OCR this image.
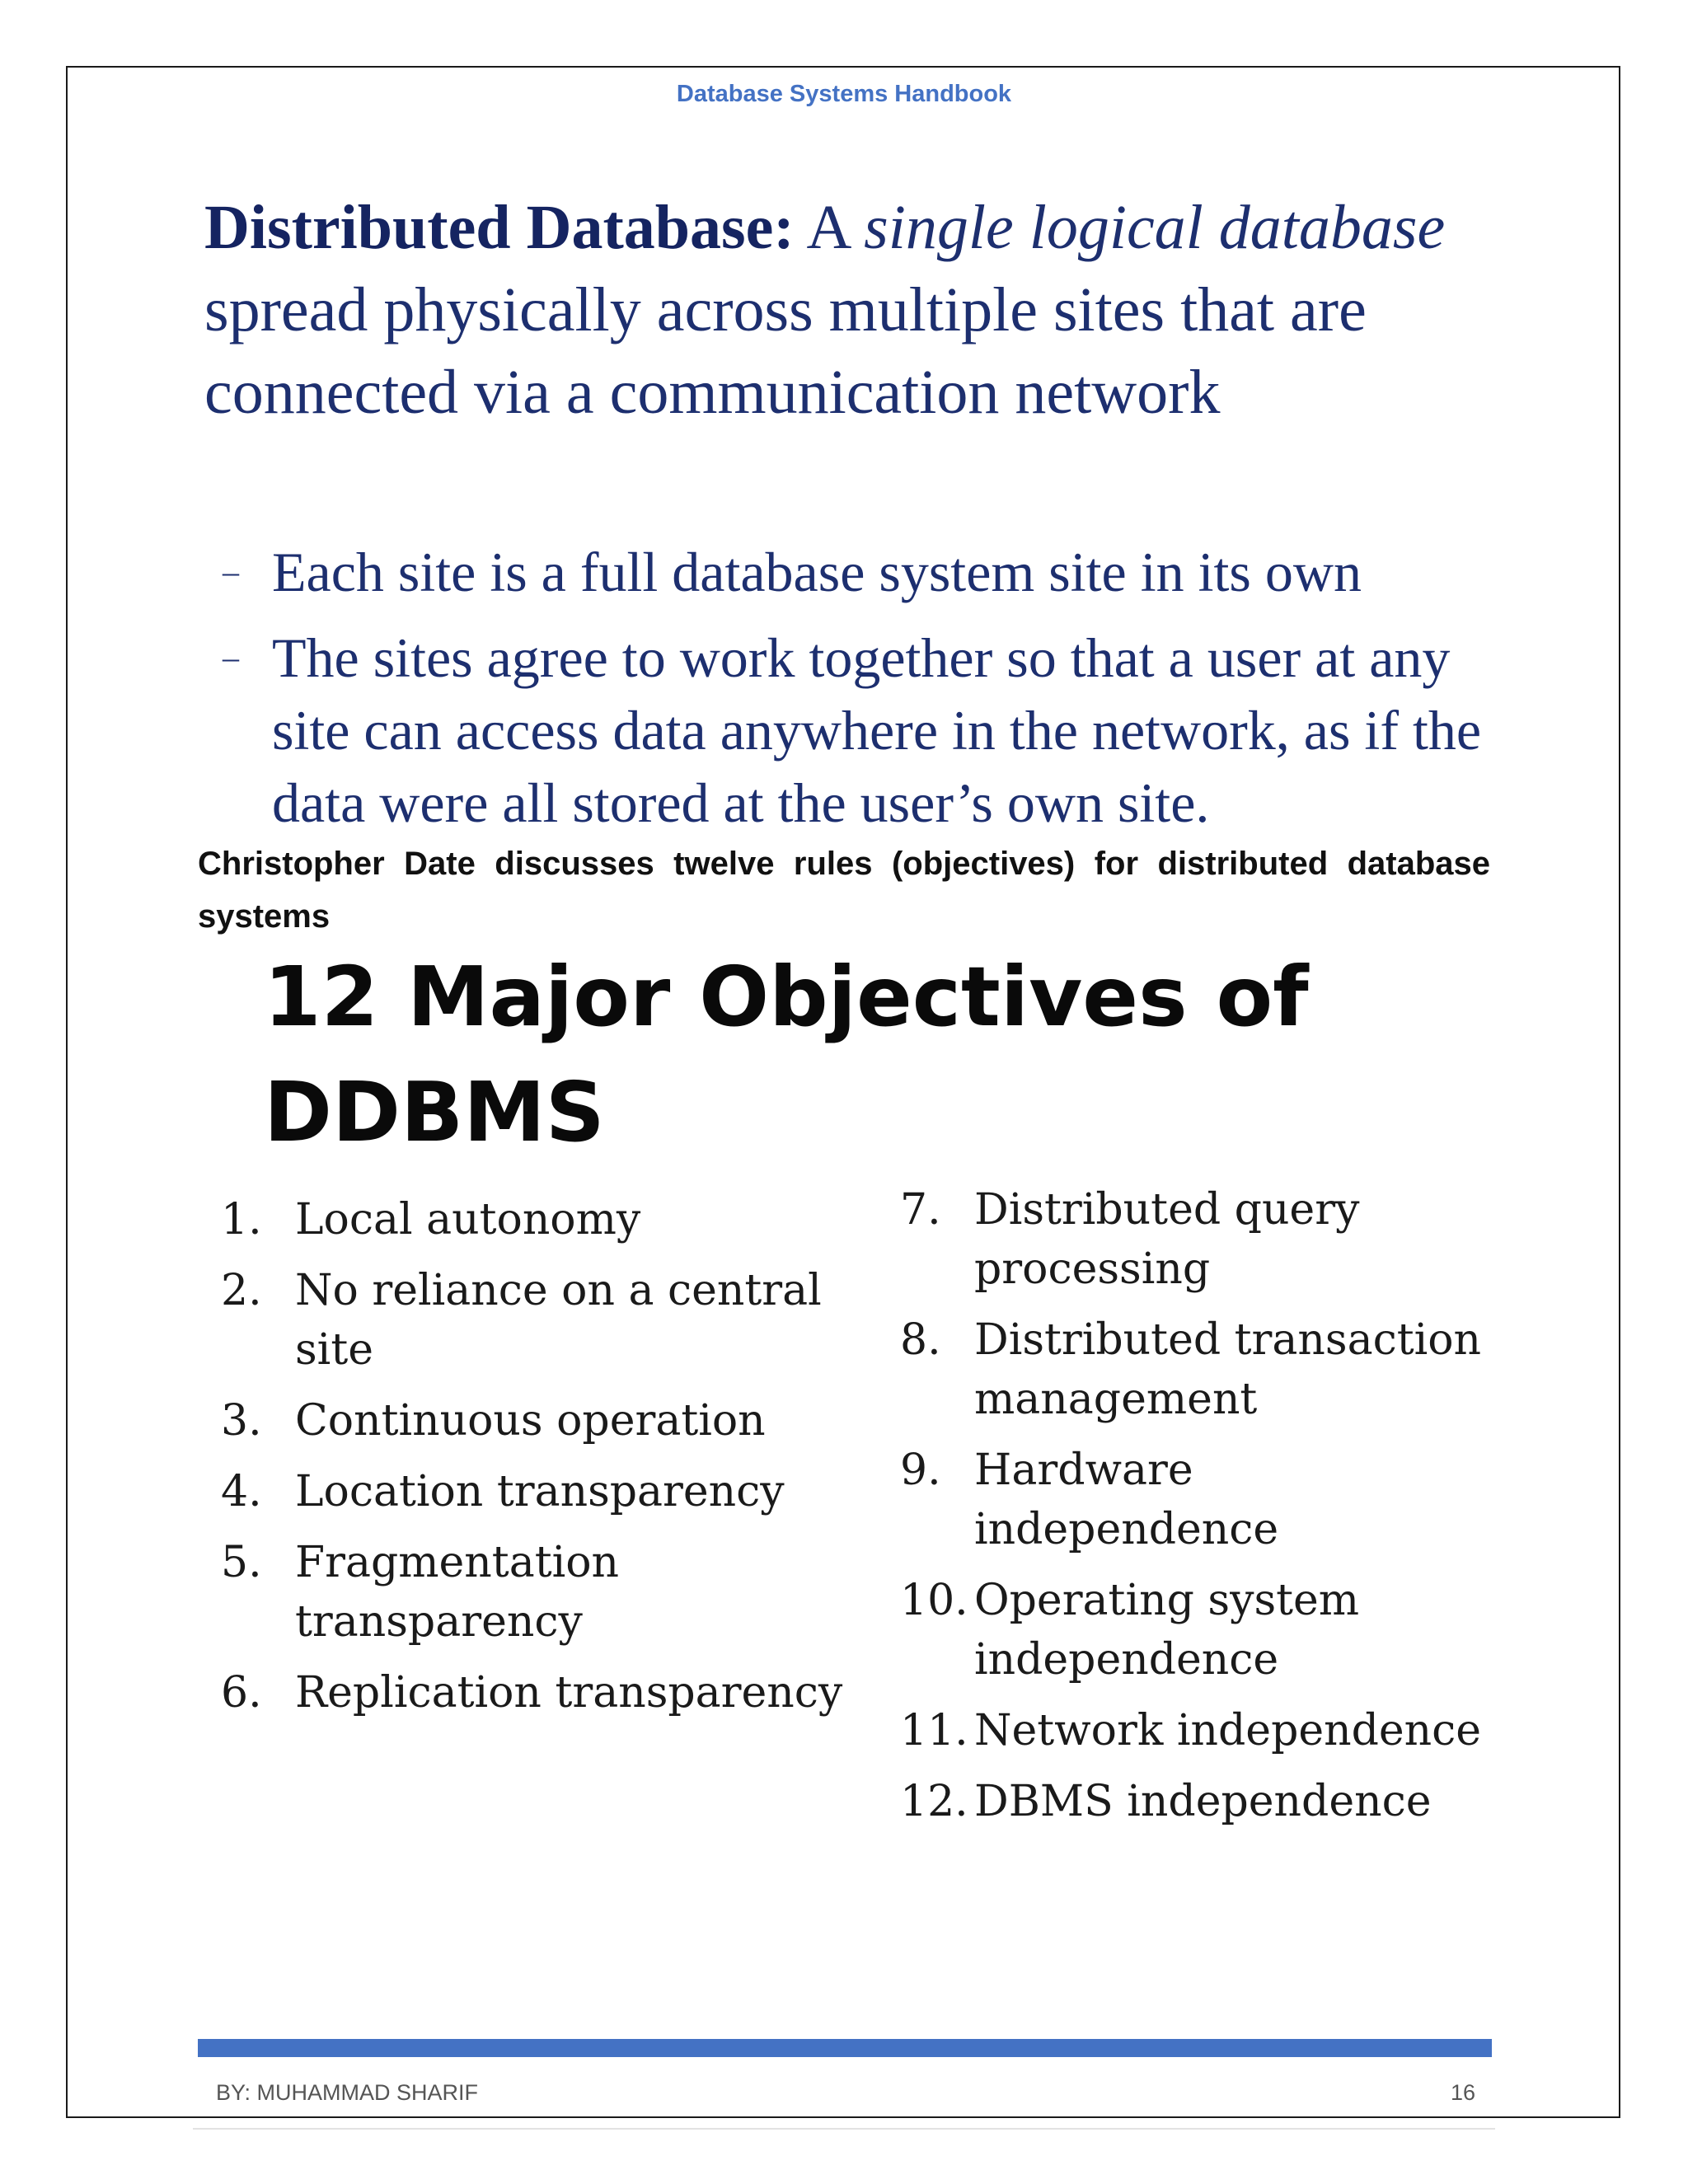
Database Systems Handbook

Distributed Database: A single logical database spread physically across multiple sites that are connected via a communication network

– Each site is a full database system site in its own
– The sites agree to work together so that a user at any site can access data anywhere in the network, as if the data were all stored at the user’s own site.

Christopher Date discusses twelve rules (objectives) for distributed database systems

12 Major Objectives of DDBMS
1. Local autonomy
2. No reliance on a central site
3. Continuous operation
4. Location transparency
5. Fragmentation transparency
6. Replication transparency
7. Distributed query processing
8. Distributed transaction management
9. Hardware independence
10. Operating system independence
11. Network independence
12. DBMS independence
BY: MUHAMMAD SHARIF	16
